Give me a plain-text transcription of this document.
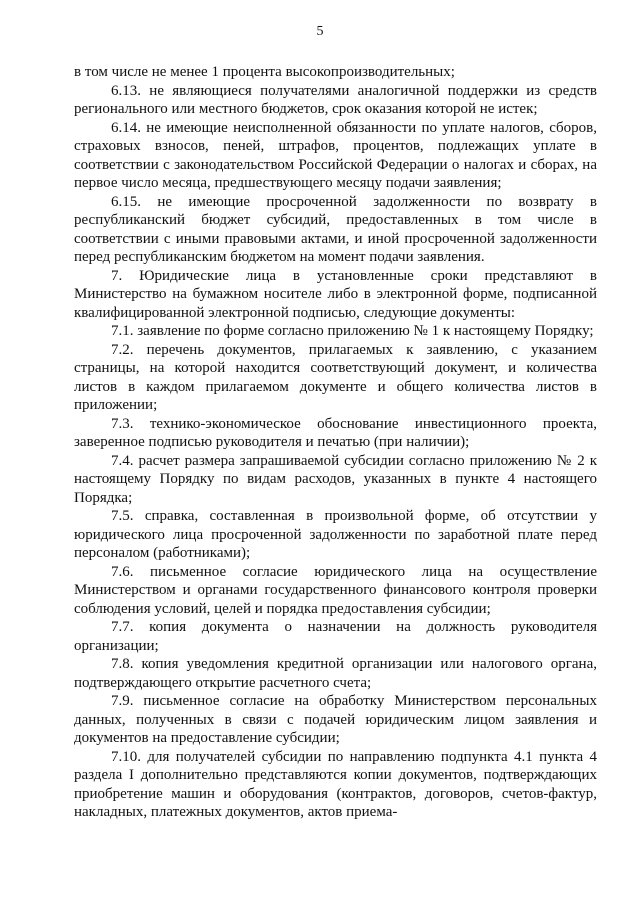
5

в том числе не менее 1 процента высокопроизводительных;

6.13. не являющиеся получателями аналогичной поддержки из средств регионального или местного бюджетов, срок оказания которой не истек;

6.14. не имеющие неисполненной обязанности по уплате налогов, сборов, страховых взносов, пеней, штрафов, процентов, подлежащих уплате в соответствии с законодательством Российской Федерации о налогах и сборах, на первое число месяца, предшествующего месяцу подачи заявления;

6.15. не имеющие просроченной задолженности по возврату в республиканский бюджет субсидий, предоставленных в том числе в соответствии с иными правовыми актами, и иной просроченной задолженности перед республиканским бюджетом на момент подачи заявления.

7. Юридические лица в установленные сроки представляют в Министерство на бумажном носителе либо в электронной форме, подписанной квалифицированной электронной подписью, следующие документы:

7.1. заявление по форме согласно приложению № 1 к настоящему Порядку;

7.2. перечень документов, прилагаемых к заявлению, с указанием страницы, на которой находится соответствующий документ, и количества листов в каждом прилагаемом документе и общего количества листов в приложении;

7.3. технико-экономическое обоснование инвестиционного проекта, заверенное подписью руководителя и печатью (при наличии);

7.4. расчет размера запрашиваемой субсидии согласно приложению № 2 к настоящему Порядку по видам расходов, указанных в пункте 4 настоящего Порядка;

7.5. справка, составленная в произвольной форме, об отсутствии у юридического лица просроченной задолженности по заработной плате перед персоналом (работниками);

7.6. письменное согласие юридического лица на осуществление Министерством и органами государственного финансового контроля проверки соблюдения условий, целей и порядка предоставления субсидии;

7.7. копия документа о назначении на должность руководителя организации;

7.8. копия уведомления кредитной организации или налогового органа, подтверждающего открытие расчетного счета;

7.9. письменное согласие на обработку Министерством персональных данных, полученных в связи с подачей юридическим лицом заявления и документов на предоставление субсидии;

7.10. для получателей субсидии по направлению подпункта 4.1 пункта 4 раздела I дополнительно представляются копии документов, подтверждающих приобретение машин и оборудования (контрактов, договоров, счетов-фактур, накладных, платежных документов, актов приема-
